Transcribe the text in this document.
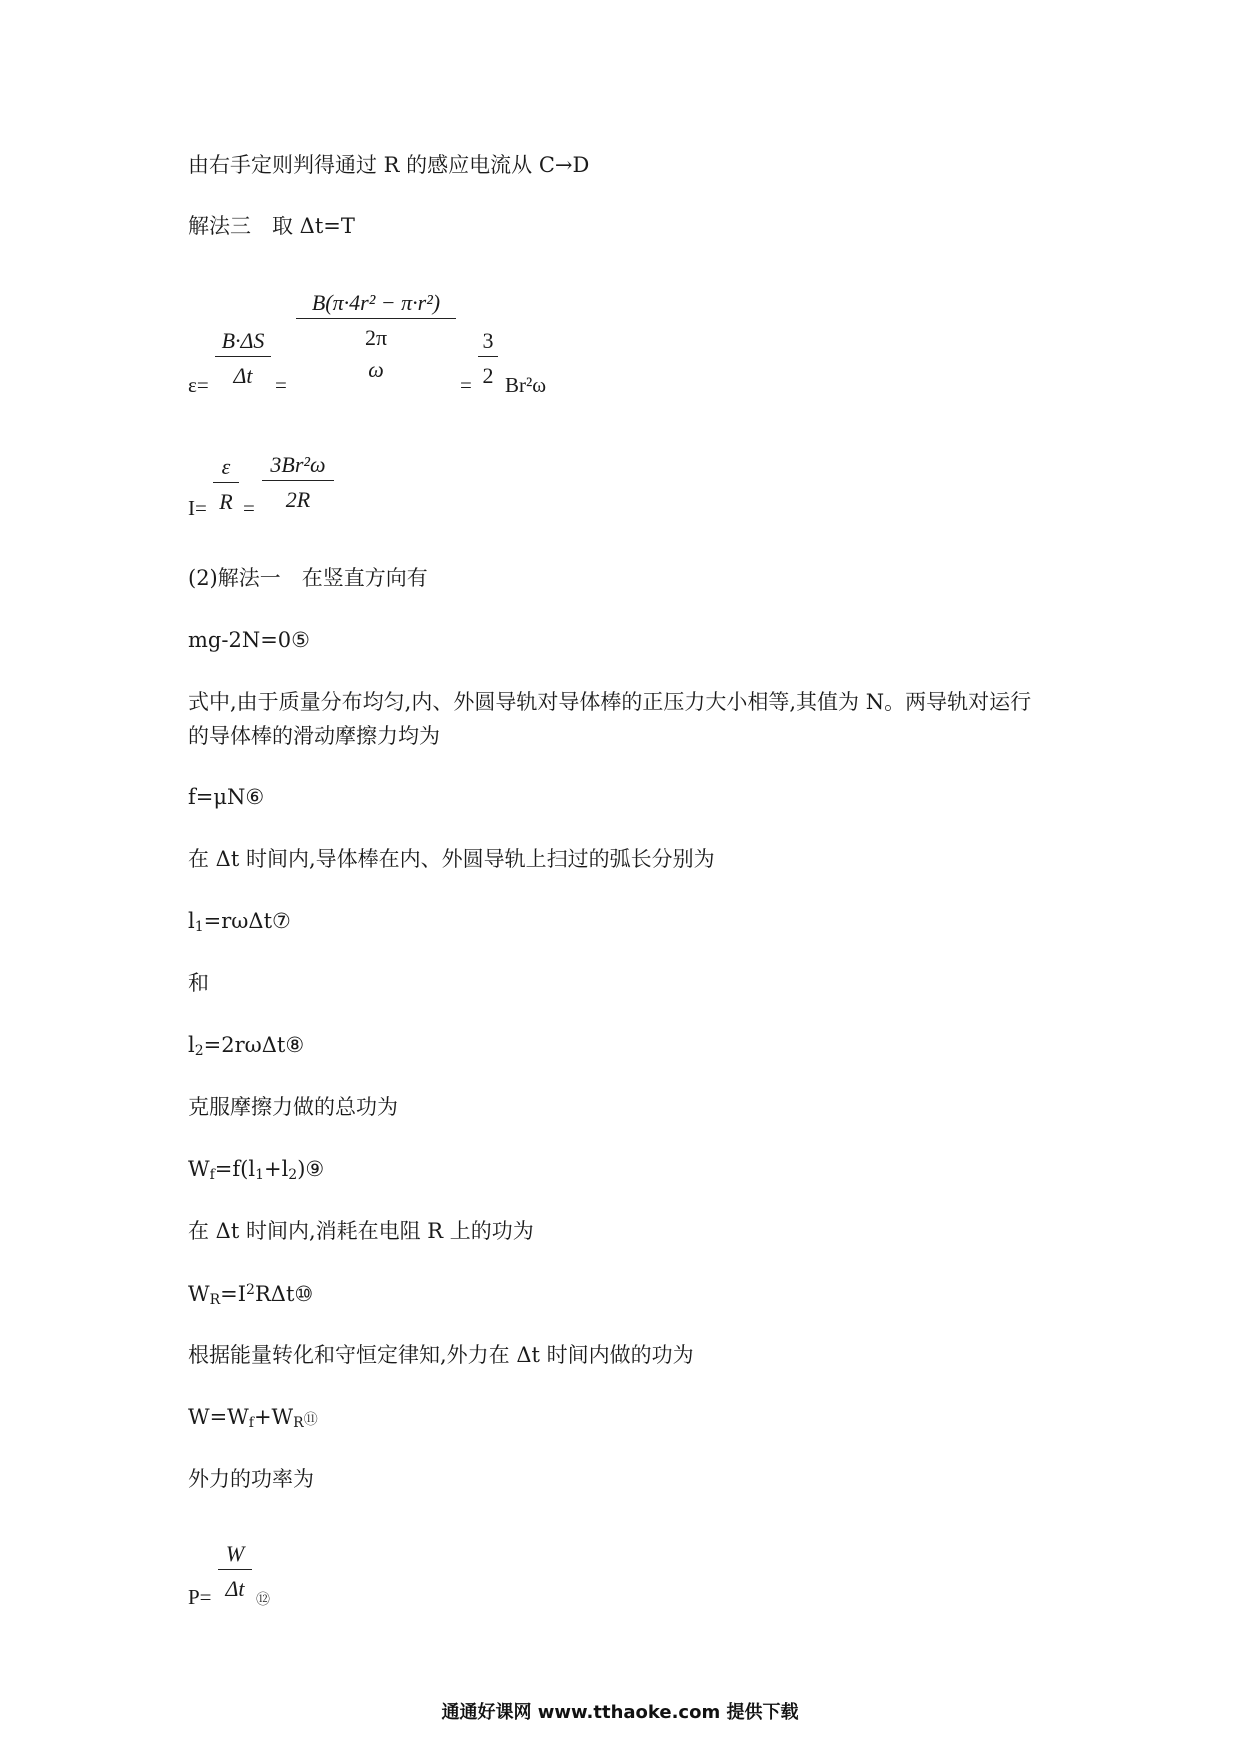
由右手定则判得通过 R 的感应电流从 C→D
解法三　取 Δt=T
ε=
B·ΔS
Δt	=
B(π·4r² − π·r²)
2π
ω
=
3
2 Br²ω
I=
ε
R =
3Br²ω
2R
(2)解法一　在竖直方向有
mg-2N=0⑤
式中,由于质量分布均匀,内、外圆导轨对导体棒的正压力大小相等,其值为 N。两导轨对运行
的导体棒的滑动摩擦力均为
f=μN⑥
在 Δt 时间内,导体棒在内、外圆导轨上扫过的弧长分别为
$l_1=r\omega\Delta t⑦$
和
$l_2=2r\omega\Delta t⑧$
克服摩擦力做的总功为
$W_f=f(l_1+l_2)⑨$
在 Δt 时间内,消耗在电阻 R 上的功为
$W_R=I^2R\Delta t⑩$
根据能量转化和守恒定律知,外力在 Δt 时间内做的功为
$W=W_f+W_R⑪$
外力的功率为
P=
W
Δt ⑫
通通好课网 www.tthaoke.com 提供下载
